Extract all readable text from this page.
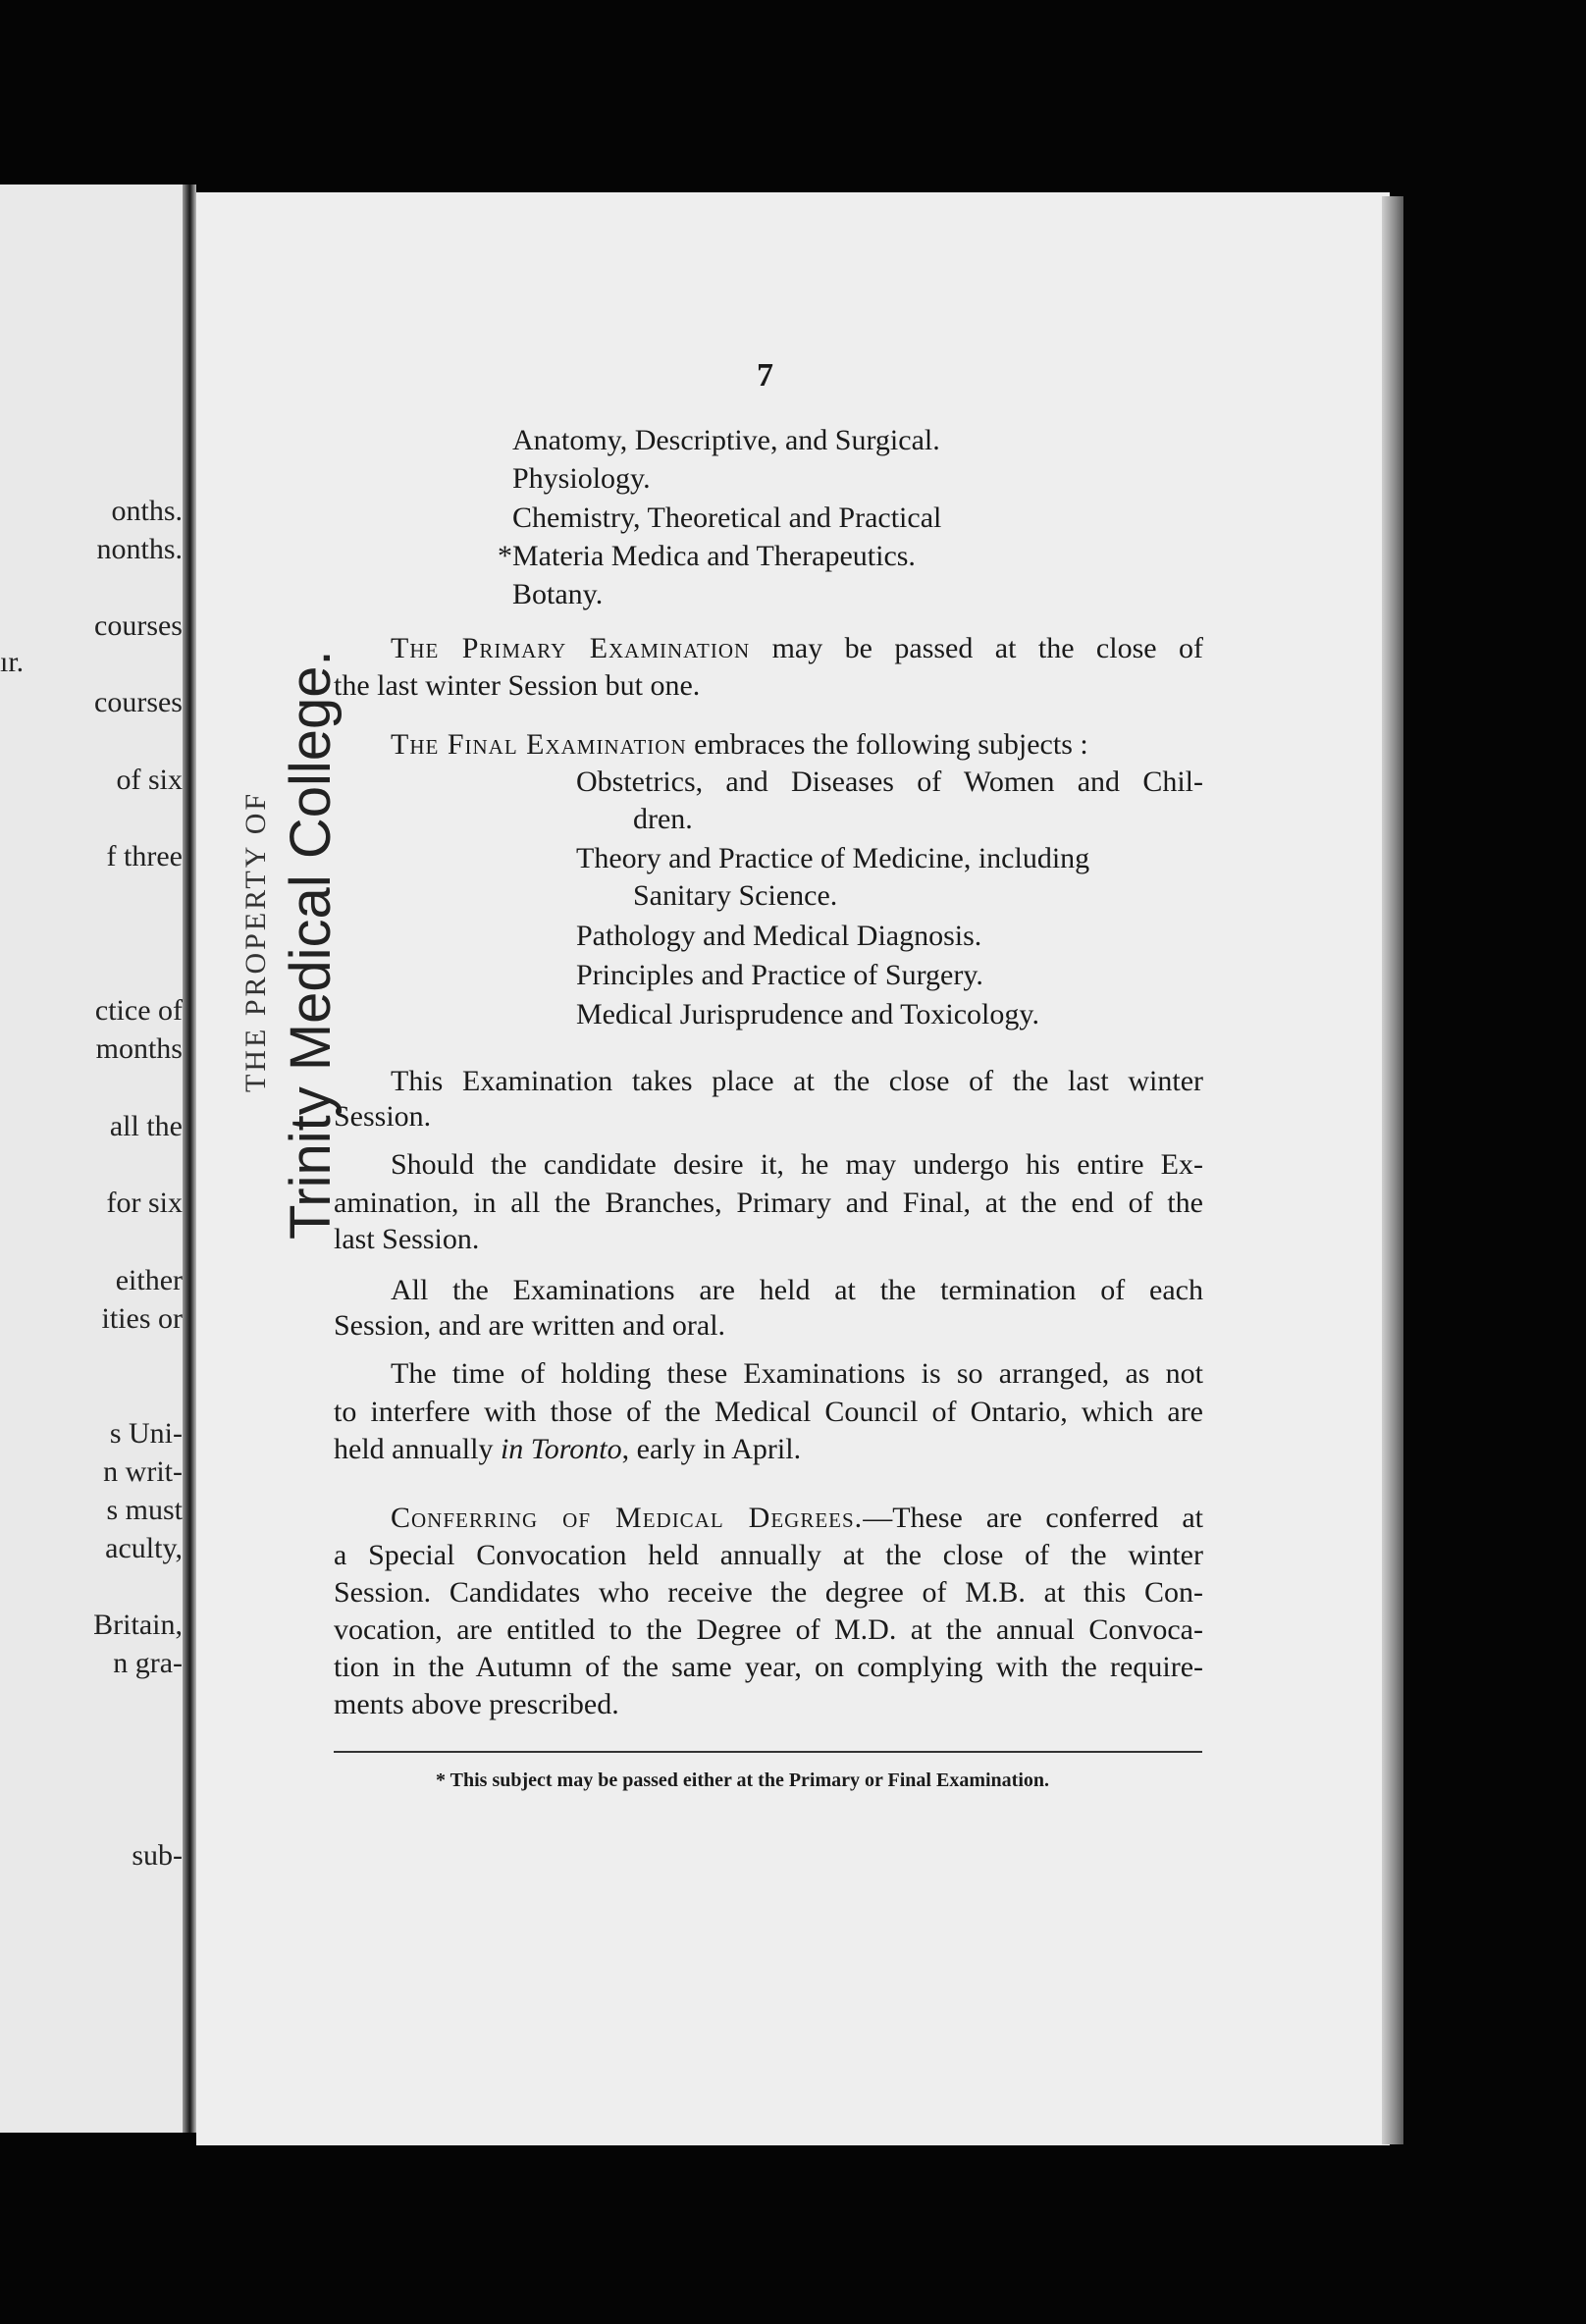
onths.
nonths.
courses
ır.
courses
of six
f three
ctice of
months
all the
for six
either
ities or
s Uni-
n writ-
s must
aculty,
Britain,
n gra-
sub-
THE PROPERTY OF Trinity Medical College.
7
Anatomy, Descriptive, and Surgical.
Physiology.
Chemistry, Theoretical and Practical
*Materia Medica and Therapeutics.
Botany.
The Primary Examination may be passed at the close of
the last winter Session but one.
The Final Examination embraces the following subjects :
Obstetrics, and Diseases of Women and Chil-
dren.
Theory and Practice of Medicine, including
Sanitary Science.
Pathology and Medical Diagnosis.
Principles and Practice of Surgery.
Medical Jurisprudence and Toxicology.
This Examination takes place at the close of the last winter
Session.
Should the candidate desire it, he may undergo his entire Ex-
amination, in all the Branches, Primary and Final, at the end of the
last Session.
All the Examinations are held at the termination of each
Session, and are written and oral.
The time of holding these Examinations is so arranged, as not
to interfere with those of the Medical Council of Ontario, which are
held annually in Toronto, early in April.
Conferring of Medical Degrees.—These are conferred at
a Special Convocation held annually at the close of the winter
Session. Candidates who receive the degree of M.B. at this Con-
vocation, are entitled to the Degree of M.D. at the annual Convoca-
tion in the Autumn of the same year, on complying with the require-
ments above prescribed.
* This subject may be passed either at the Primary or Final Examination.
